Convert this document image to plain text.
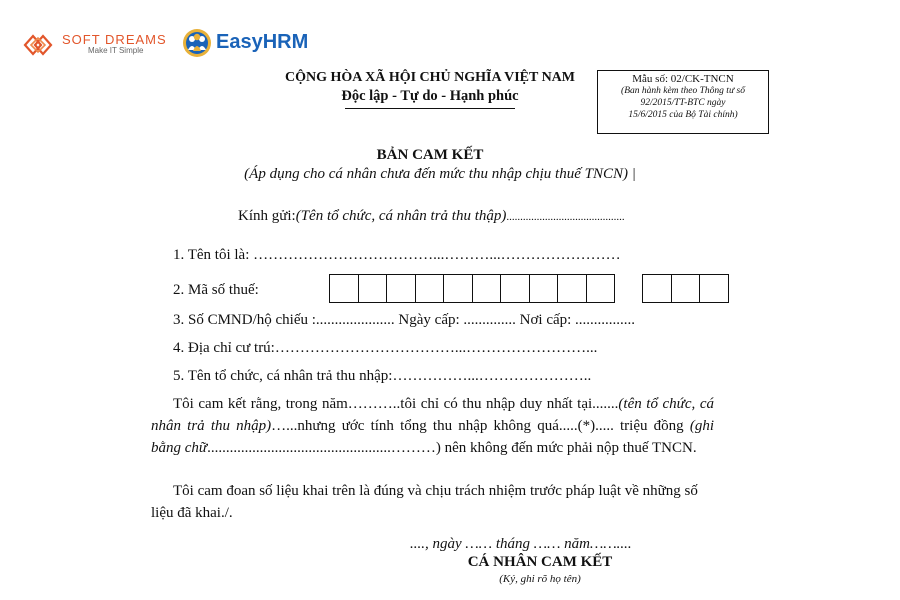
SOFT DREAMS
Make IT Simple	EasyHRM
CỘNG HÒA XÃ HỘI CHỦ NGHĨA VIỆT NAM
Độc lập - Tự do - Hạnh phúc
Mẫu số: 02/CK-TNCN
(Ban hành kèm theo Thông tư số
92/2015/TT-BTC ngày
15/6/2015 của Bộ Tài chính)
BẢN CAM KẾT
(Áp dụng cho cá nhân chưa đến mức thu nhập chịu thuế TNCN) |
Kính gửi:(Tên tổ chức, cá nhân trả thu thập)...........................................
1. Tên tôi là: ………………………………...………...……………………
2. Mã số thuế:
3. Số CMND/hộ chiếu :..................... Ngày cấp: .............. Nơi cấp: ................
4. Địa chỉ cư trú:………………………………...……………………...
5. Tên tổ chức, cá nhân trả thu nhập:……………...…………………..
Tôi cam kết rằng, trong năm………..tôi chỉ có thu nhập duy nhất tại.......(tên tổ chức, cá nhân trả thu nhập)…...nhưng ước tính tổng thu nhập không quá.....(*)..... triệu đồng (ghi bằng chữ.................................................………) nên không đến mức phải nộp thuế TNCN.
Tôi cam đoan số liệu khai trên là đúng và chịu trách nhiệm trước pháp luật về những số liệu đã khai./.
...., ngày …… tháng …… năm……....
CÁ NHÂN CAM KẾT
(Ký, ghi rõ họ tên)
